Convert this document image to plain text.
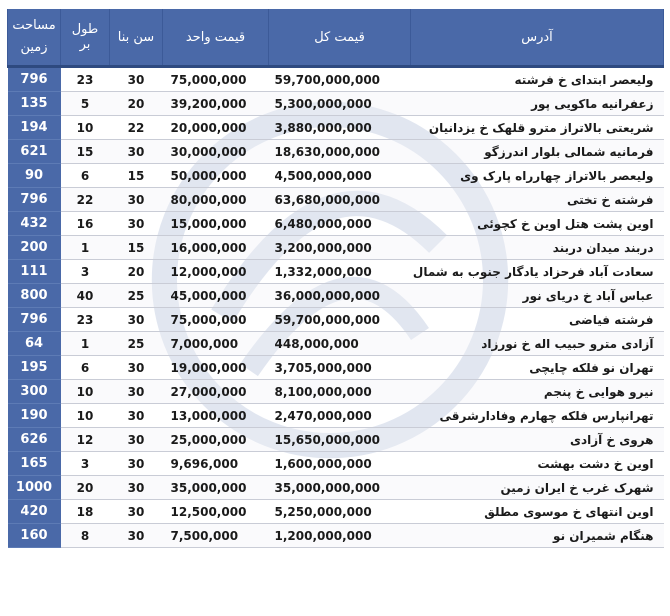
آدرس	قیمت کل	قیمت واحد	سن بنا	طول بر	مساحت
زمین

ولیعصر ابتدای خ فرشته	59,700,000,000	75,000,000	30	23	796
زعفرانیه ماکویی پور	5,300,000,000	39,200,000	20	5	135
شریعتی بالاتراز مترو قلهک خ یزدانیان	3,880,000,000	20,000,000	22	10	194
فرمانیه شمالی بلوار اندرزگو	18,630,000,000	30,000,000	30	15	621
ولیعصر بالاتراز چهارراه پارک وی	4,500,000,000	50,000,000	15	6	90
فرشته خ تختی	63,680,000,000	80,000,000	30	22	796
اوین پشت هتل اوین خ کچوئی	6,480,000,000	15,000,000	30	16	432
دربند میدان دربند	3,200,000,000	16,000,000	15	1	200
سعادت آباد فرحزاد یادگار جنوب به شمال	1,332,000,000	12,000,000	20	3	111
عباس آباد خ دریای نور	36,000,000,000	45,000,000	25	40	800
فرشته فیاضی	59,700,000,000	75,000,000	30	23	796
آزادی مترو حبیب اله خ نورزاد	448,000,000	7,000,000	25	1	64
تهران نو فلکه چایچی	3,705,000,000	19,000,000	30	6	195
نیرو هوایی خ پنجم	8,100,000,000	27,000,000	30	10	300
تهرانپارس فلکه چهارم وفادارشرقی	2,470,000,000	13,000,000	30	10	190
هروی خ آزادی	15,650,000,000	25,000,000	30	12	626
اوین خ دشت بهشت	1,600,000,000	9,696,000	30	3	165
شهرک غرب خ ایران زمین	35,000,000,000	35,000,000	30	20	1000
اوین انتهای خ موسوی مطلق	5,250,000,000	12,500,000	30	18	420
هنگام شمیران نو	1,200,000,000	7,500,000	30	8	160
